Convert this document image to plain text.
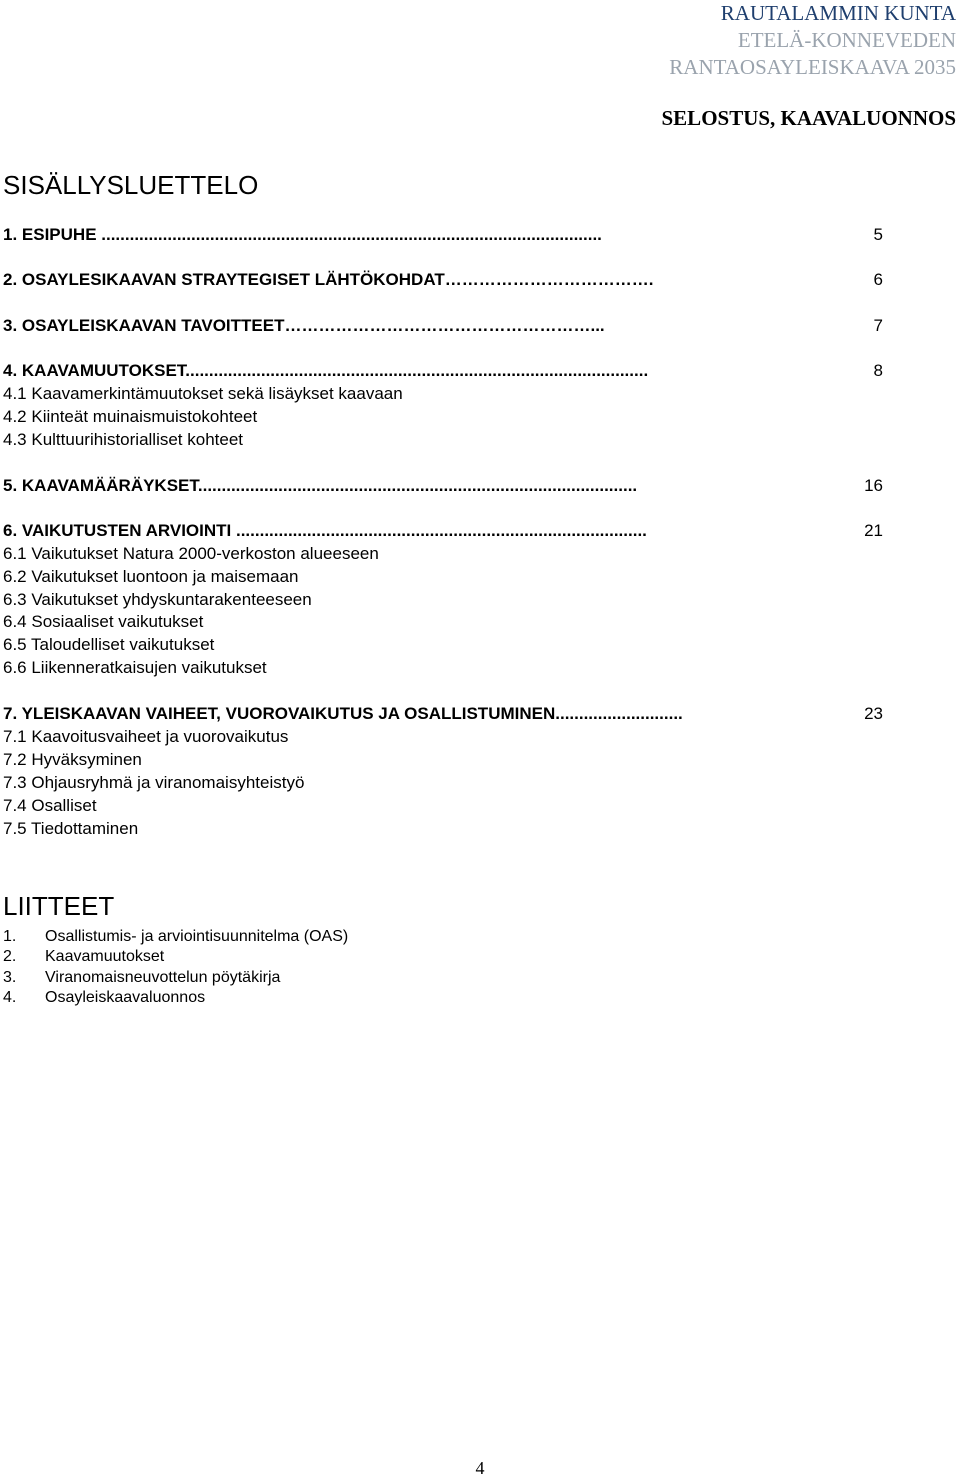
RAUTALAMMIN KUNTA
ETELÄ-KONNEVEDEN
RANTAOSAYLEISKAAVA 2035
SELOSTUS, KAAVALUONNOS
SISÄLLYSLUETTELO
1. ESIPUHE ..........................................................................................................	5
2. OSAYLESIKAAVAN STRAYTEGISET LÄHTÖKOHDAT……………………………….	6
3. OSAYLEISKAAVAN TAVOITTEET………………………………………………...	7
4. KAAVAMUUTOKSET..................................................................................................	8
4.1 Kaavamerkintämuutokset sekä lisäykset kaavaan
4.2 Kiinteät muinaismuistokohteet
4.3 Kulttuurihistorialliset kohteet
5. KAAVAMÄÄRÄYKSET.............................................................................................	16
6. VAIKUTUSTEN ARVIOINTI .......................................................................................	21
6.1 Vaikutukset Natura 2000-verkoston alueeseen
6.2 Vaikutukset luontoon ja maisemaan
6.3 Vaikutukset yhdyskuntarakenteeseen
6.4 Sosiaaliset vaikutukset
6.5 Taloudelliset vaikutukset
6.6 Liikenneratkaisujen vaikutukset
7. YLEISKAAVAN VAIHEET, VUOROVAIKUTUS JA OSALLISTUMINEN...........................	23
7.1 Kaavoitusvaiheet ja vuorovaikutus
7.2 Hyväksyminen
7.3 Ohjausryhmä ja viranomaisyhteistyö
7.4 Osalliset
7.5 Tiedottaminen
LIITTEET
1. Osallistumis- ja arviointisuunnitelma (OAS)
2. Kaavamuutokset
3. Viranomaisneuvottelun pöytäkirja
4. Osayleiskaavaluonnos
4
